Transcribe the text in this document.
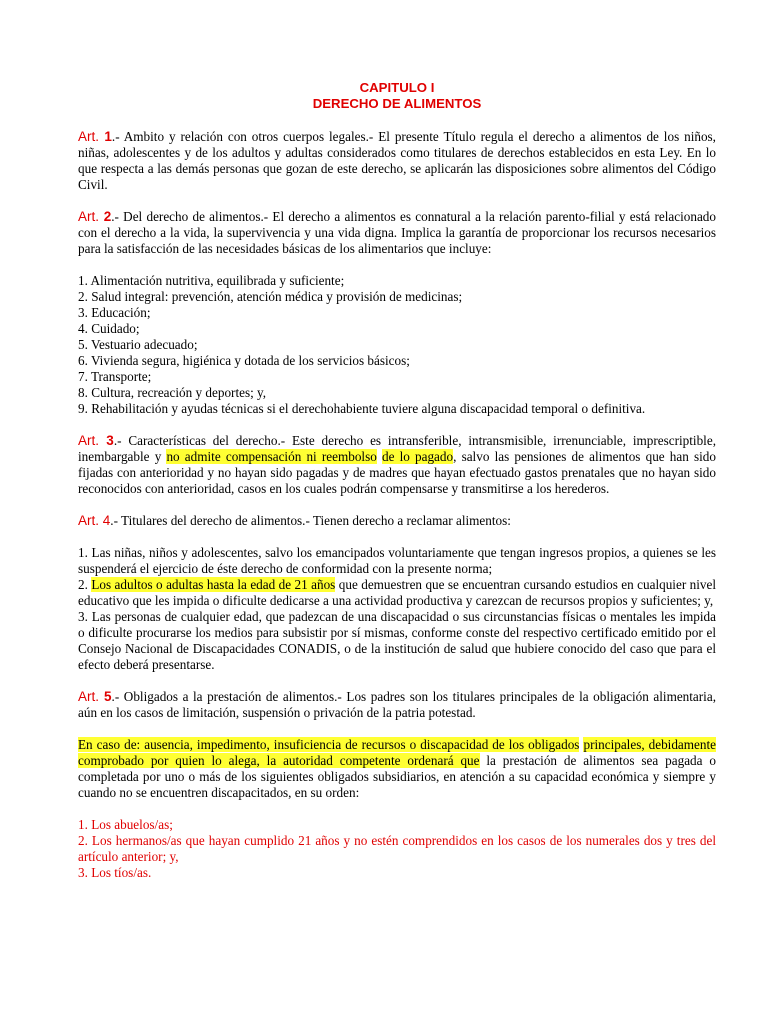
CAPITULO I
DERECHO DE ALIMENTOS

Art. 1.- Ambito y relación con otros cuerpos legales.- El presente Título regula el derecho a alimentos de los niños, niñas, adolescentes y de los adultos y adultas considerados como titulares de derechos establecidos en esta Ley. En lo que respecta a las demás personas que gozan de este derecho, se aplicarán las disposiciones sobre alimentos del Código Civil.

Art. 2.- Del derecho de alimentos.- El derecho a alimentos es connatural a la relación parento-filial y está relacionado con el derecho a la vida, la supervivencia y una vida digna. Implica la garantía de proporcionar los recursos necesarios para la satisfacción de las necesidades básicas de los alimentarios que incluye:

1. Alimentación nutritiva, equilibrada y suficiente;
2. Salud integral: prevención, atención médica y provisión de medicinas;
3. Educación;
4. Cuidado;
5. Vestuario adecuado;
6. Vivienda segura, higiénica y dotada de los servicios básicos;
7. Transporte;
8. Cultura, recreación y deportes; y,
9. Rehabilitación y ayudas técnicas si el derechohabiente tuviere alguna discapacidad temporal o definitiva.

Art. 3.- Características del derecho.- Este derecho es intransferible, intransmisible, irrenunciable, imprescriptible, inembargable y no admite compensación ni reembolso de lo pagado, salvo las pensiones de alimentos que han sido fijadas con anterioridad y no hayan sido pagadas y de madres que hayan efectuado gastos prenatales que no hayan sido reconocidos con anterioridad, casos en los cuales podrán compensarse y transmitirse a los herederos.

Art. 4.- Titulares del derecho de alimentos.- Tienen derecho a reclamar alimentos:

1. Las niñas, niños y adolescentes, salvo los emancipados voluntariamente que tengan ingresos propios, a quienes se les suspenderá el ejercicio de éste derecho de conformidad con la presente norma;

2. Los adultos o adultas hasta la edad de 21 años que demuestren que se encuentran cursando estudios en cualquier nivel educativo que les impida o dificulte dedicarse a una actividad productiva y carezcan de recursos propios y suficientes; y,

3. Las personas de cualquier edad, que padezcan de una discapacidad o sus circunstancias físicas o mentales les impida o dificulte procurarse los medios para subsistir por sí mismas, conforme conste del respectivo certificado emitido por el Consejo Nacional de Discapacidades CONADIS, o de la institución de salud que hubiere conocido del caso que para el efecto deberá presentarse.

Art. 5.- Obligados a la prestación de alimentos.- Los padres son los titulares principales de la obligación alimentaria, aún en los casos de limitación, suspensión o privación de la patria potestad.

En caso de: ausencia, impedimento, insuficiencia de recursos o discapacidad de los obligados principales, debidamente comprobado por quien lo alega, la autoridad competente ordenará que la prestación de alimentos sea pagada o completada por uno o más de los siguientes obligados subsidiarios, en atención a su capacidad económica y siempre y cuando no se encuentren discapacitados, en su orden:

1. Los abuelos/as;
2. Los hermanos/as que hayan cumplido 21 años y no estén comprendidos en los casos de los numerales dos y tres del artículo anterior; y,
3. Los tíos/as.
